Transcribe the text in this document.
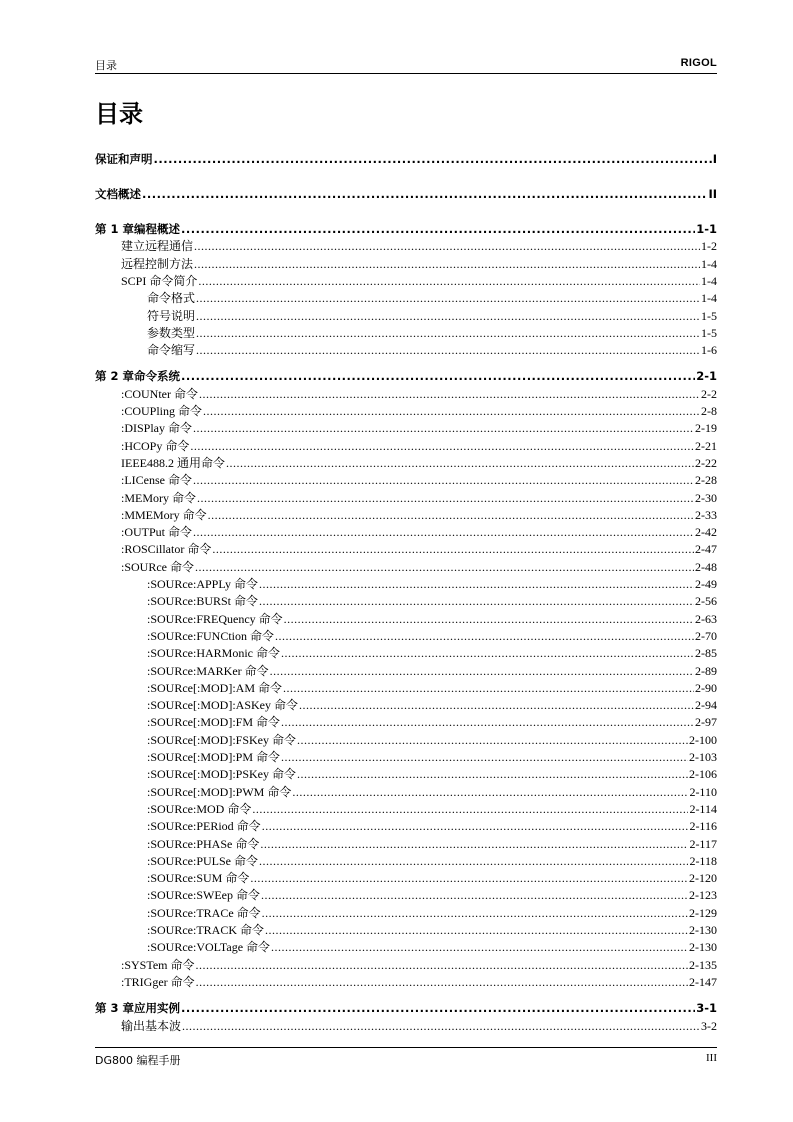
目录	RIGOL
目录
保证和声明 .....	I
文档概述 .....	II
第 1 章 编程概述 .....	1-1
建立远程通信 .....	1-2
远程控制方法 .....	1-4
SCPI 命令简介 .....	1-4
命令格式 .....	1-4
符号说明 .....	1-5
参数类型 .....	1-5
命令缩写 .....	1-6
第 2 章 命令系统 .....	2-1
:COUNter 命令 .....	2-2
:COUPling 命令 .....	2-8
:DISPlay 命令 .....	2-19
:HCOPy 命令 .....	2-21
IEEE488.2 通用命令 .....	2-22
:LICense 命令 .....	2-28
:MEMory 命令 .....	2-30
:MMEMory 命令 .....	2-33
:OUTPut 命令 .....	2-42
:ROSCillator 命令 .....	2-47
:SOURce 命令 .....	2-48
:SOURce:APPLy 命令 .....	2-49
:SOURce:BURSt 命令 .....	2-56
:SOURce:FREQuency 命令 .....	2-63
:SOURce:FUNCtion 命令 .....	2-70
:SOURce:HARMonic 命令 .....	2-85
:SOURce:MARKer 命令 .....	2-89
:SOURce[:MOD]:AM 命令 .....	2-90
:SOURce[:MOD]:ASKey 命令 .....	2-94
:SOURce[:MOD]:FM 命令 .....	2-97
:SOURce[:MOD]:FSKey 命令 .....	2-100
:SOURce[:MOD]:PM 命令 .....	2-103
:SOURce[:MOD]:PSKey 命令 .....	2-106
:SOURce[:MOD]:PWM 命令 .....	2-110
:SOURce:MOD 命令 .....	2-114
:SOURce:PERiod 命令 .....	2-116
:SOURce:PHASe 命令 .....	2-117
:SOURce:PULSe 命令 .....	2-118
:SOURce:SUM 命令 .....	2-120
:SOURce:SWEep 命令 .....	2-123
:SOURce:TRACe 命令 .....	2-129
:SOURce:TRACK 命令 .....	2-130
:SOURce:VOLTage 命令 .....	2-130
:SYSTem 命令 .....	2-135
:TRIGger 命令 .....	2-147
第 3 章 应用实例 .....	3-1
输出基本波 .....	3-2
DG800 编程手册	III
